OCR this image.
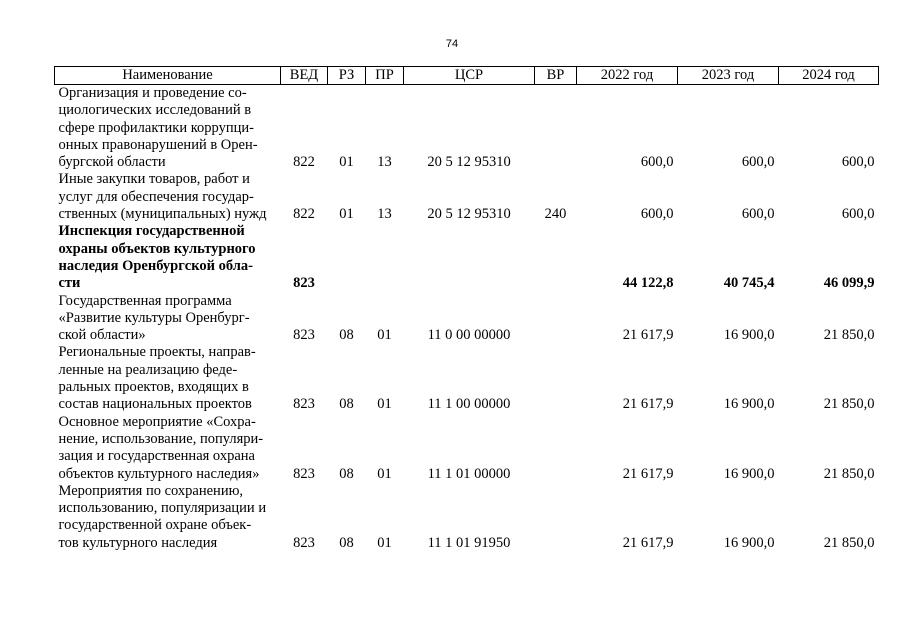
74
Наименование	ВЕД	РЗ	ПР	ЦСР	ВР	2022 год	2023 год	2024 год

Организация и проведение со-
циологических исследований в
сфере профилактики коррупци-
онных правонарушений в Орен-
бургской области	822	01	13	20 5 12 95310		600,0	600,0	600,0

Иные закупки товаров, работ и
услуг для обеспечения государ-
ственных (муниципальных) нужд	822	01	13	20 5 12 95310	240	600,0	600,0	600,0

Инспекция государственной
охраны объектов культурного
наследия Оренбургской обла-
сти	823					44 122,8	40 745,4	46 099,9

Государственная программа
«Развитие культуры Оренбург-
ской области»	823	08	01	11 0 00 00000		21 617,9	16 900,0	21 850,0

Региональные проекты, направ-
ленные на реализацию феде-
ральных проектов, входящих в
состав национальных проектов	823	08	01	11 1 00 00000		21 617,9	16 900,0	21 850,0

Основное мероприятие «Сохра-
нение, использование, популяри-
зация и государственная охрана
объектов культурного наследия»	823	08	01	11 1 01 00000		21 617,9	16 900,0	21 850,0

Мероприятия по сохранению,
использованию, популяризации и
государственной охране объек-
тов культурного наследия	823	08	01	11 1 01 91950		21 617,9	16 900,0	21 850,0
